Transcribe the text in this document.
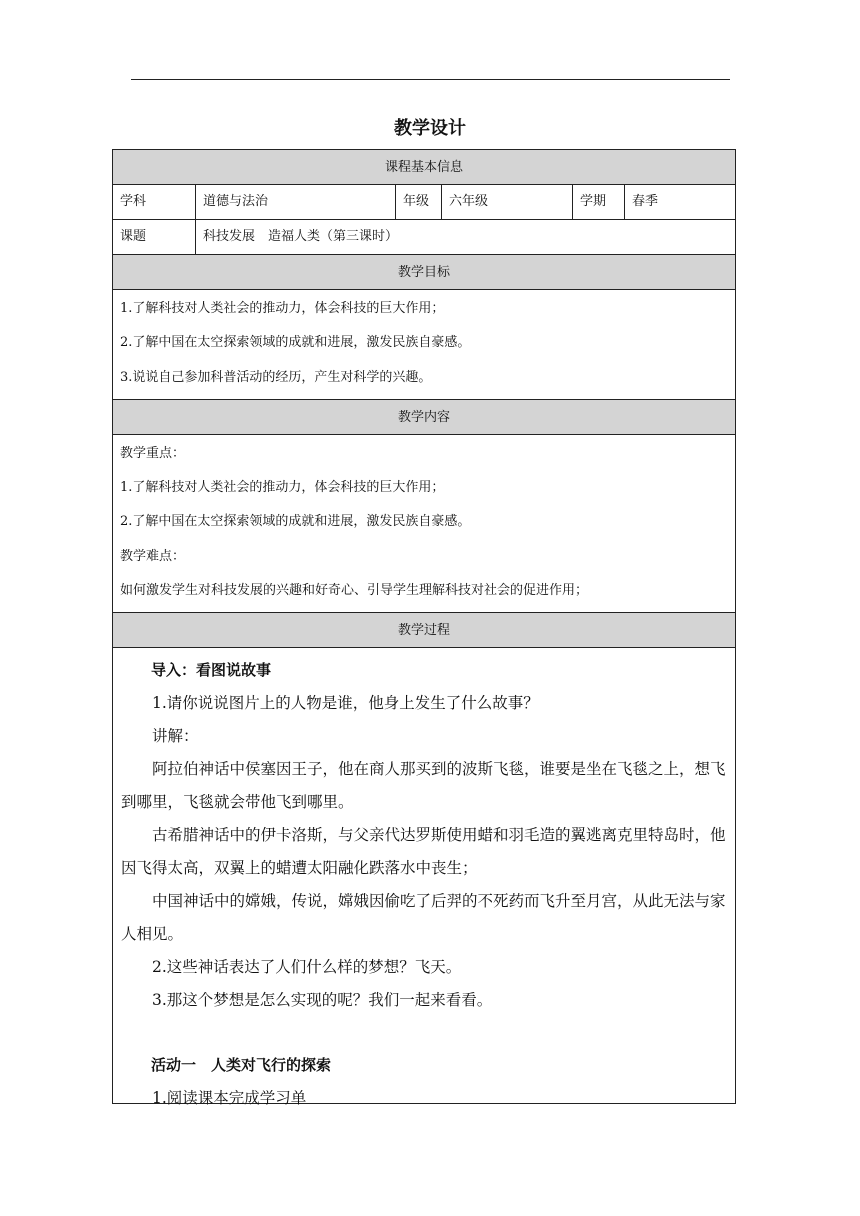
教学设计
课程基本信息
学科	道德与法治	年级	六年级	学期	春季
课题	科技发展　造福人类（第三课时）
教学目标
1.了解科技对人类社会的推动力，体会科技的巨大作用；
2.了解中国在太空探索领域的成就和进展，激发民族自豪感。
3.说说自己参加科普活动的经历，产生对科学的兴趣。
教学内容
教学重点：
1.了解科技对人类社会的推动力，体会科技的巨大作用；
2.了解中国在太空探索领域的成就和进展，激发民族自豪感。
教学难点：
如何激发学生对科技发展的兴趣和好奇心、引导学生理解科技对社会的促进作用；
教学过程

导入：看图说故事

1.请你说说图片上的人物是谁，他身上发生了什么故事？

讲解：

阿拉伯神话中侯塞因王子，他在商人那买到的波斯飞毯，谁要是坐在飞毯之上，想飞到哪里，飞毯就会带他飞到哪里。

古希腊神话中的伊卡洛斯，与父亲代达罗斯使用蜡和羽毛造的翼逃离克里特岛时，他因飞得太高，双翼上的蜡遭太阳融化跌落水中丧生；

中国神话中的嫦娥，传说，嫦娥因偷吃了后羿的不死药而飞升至月宫，从此无法与家人相见。

2.这些神话表达了人们什么样的梦想？飞天。

3.那这个梦想是怎么实现的呢？我们一起来看看。

活动一　人类对飞行的探索

1.阅读课本完成学习单
